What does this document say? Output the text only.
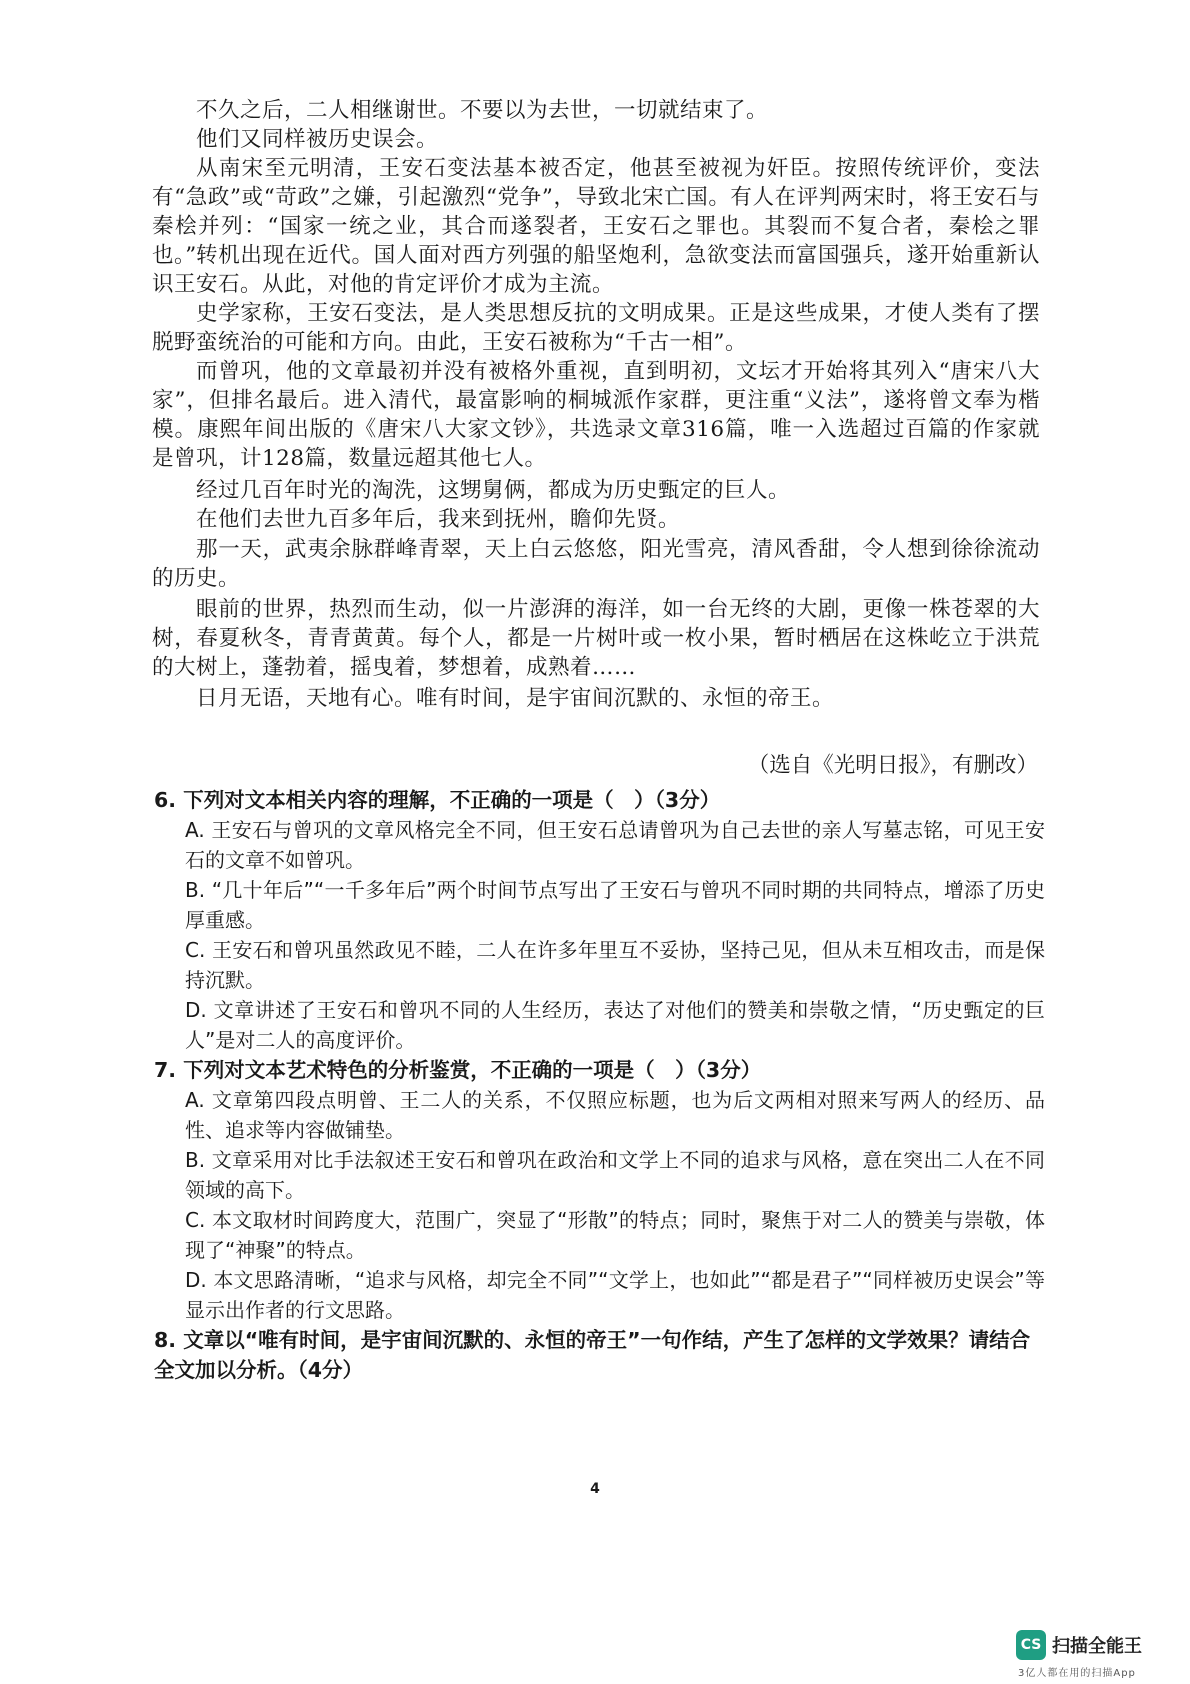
不久之后，二人相继谢世。不要以为去世，一切就结束了。

他们又同样被历史误会。

从南宋至元明清，王安石变法基本被否定，他甚至被视为奸臣。按照传统评价，变法有“急政”或“苛政”之嫌，引起激烈“党争”，导致北宋亡国。有人在评判两宋时，将王安石与秦桧并列：“国家一统之业，其合而遂裂者，王安石之罪也。其裂而不复合者，秦桧之罪也。” 转机出现在近代。国人面对西方列强的船坚炮利，急欲变法而富国强兵，遂开始重新认识王安石。从此，对他的肯定评价才成为主流。

史学家称，王安石变法，是人类思想反抗的文明成果。正是这些成果，才使人类有了摆脱野蛮统治的可能和方向。由此，王安石被称为“千古一相”。

而曾巩，他的文章最初并没有被格外重视，直到明初，文坛才开始将其列入“唐宋八大家”，但排名最后。进入清代，最富影响的桐城派作家群，更注重“义法”，遂将曾文奉为楷模。康熙年间出版的《唐宋八大家文钞》，共选录文章316篇，唯一入选超过百篇的作家就是曾巩，计128篇，数量远超其他七人。

经过几百年时光的淘洗，这甥舅俩，都成为历史甄定的巨人。

在他们去世九百多年后，我来到抚州，瞻仰先贤。

那一天，武夷余脉群峰青翠，天上白云悠悠，阳光雪亮，清风香甜，令人想到徐徐流动的历史。

眼前的世界，热烈而生动，似一片澎湃的海洋，如一台无终的大剧，更像一株苍翠的大树，春夏秋冬，青青黄黄。每个人，都是一片树叶或一枚小果，暂时栖居在这株屹立于洪荒的大树上，蓬勃着，摇曳着，梦想着，成熟着……

日月无语，天地有心。唯有时间，是宇宙间沉默的、永恒的帝王。

（选自《光明日报》，有删改）

6. 下列对文本相关内容的理解，不正确的一项是（　）（3分）

A. 王安石与曾巩的文章风格完全不同，但王安石总请曾巩为自己去世的亲人写墓志铭，可见王安石的文章不如曾巩。

B. “几十年后”“一千多年后”两个时间节点写出了王安石与曾巩不同时期的共同特点，增添了历史厚重感。

C. 王安石和曾巩虽然政见不睦，二人在许多年里互不妥协，坚持己见，但从未互相攻击，而是保持沉默。

D. 文章讲述了王安石和曾巩不同的人生经历，表达了对他们的赞美和崇敬之情，“历史甄定的巨人”是对二人的高度评价。

7. 下列对文本艺术特色的分析鉴赏，不正确的一项是（　）（3分）

A. 文章第四段点明曾、王二人的关系，不仅照应标题，也为后文两相对照来写两人的经历、品性、追求等内容做铺垫。

B. 文章采用对比手法叙述王安石和曾巩在政治和文学上不同的追求与风格，意在突出二人在不同领域的高下。

C. 本文取材时间跨度大，范围广，突显了“形散”的特点；同时，聚焦于对二人的赞美与崇敬，体现了“神聚”的特点。

D. 本文思路清晰，“追求与风格，却完全不同”“文学上，也如此”“都是君子”“同样被历史误会”等显示出作者的行文思路。

8. 文章以“唯有时间，是宇宙间沉默的、永恒的帝王”一句作结，产生了怎样的文学效果？请结合全文加以分析。（4分）

4
CS 扫描全能王
3亿人都在用的扫描App
